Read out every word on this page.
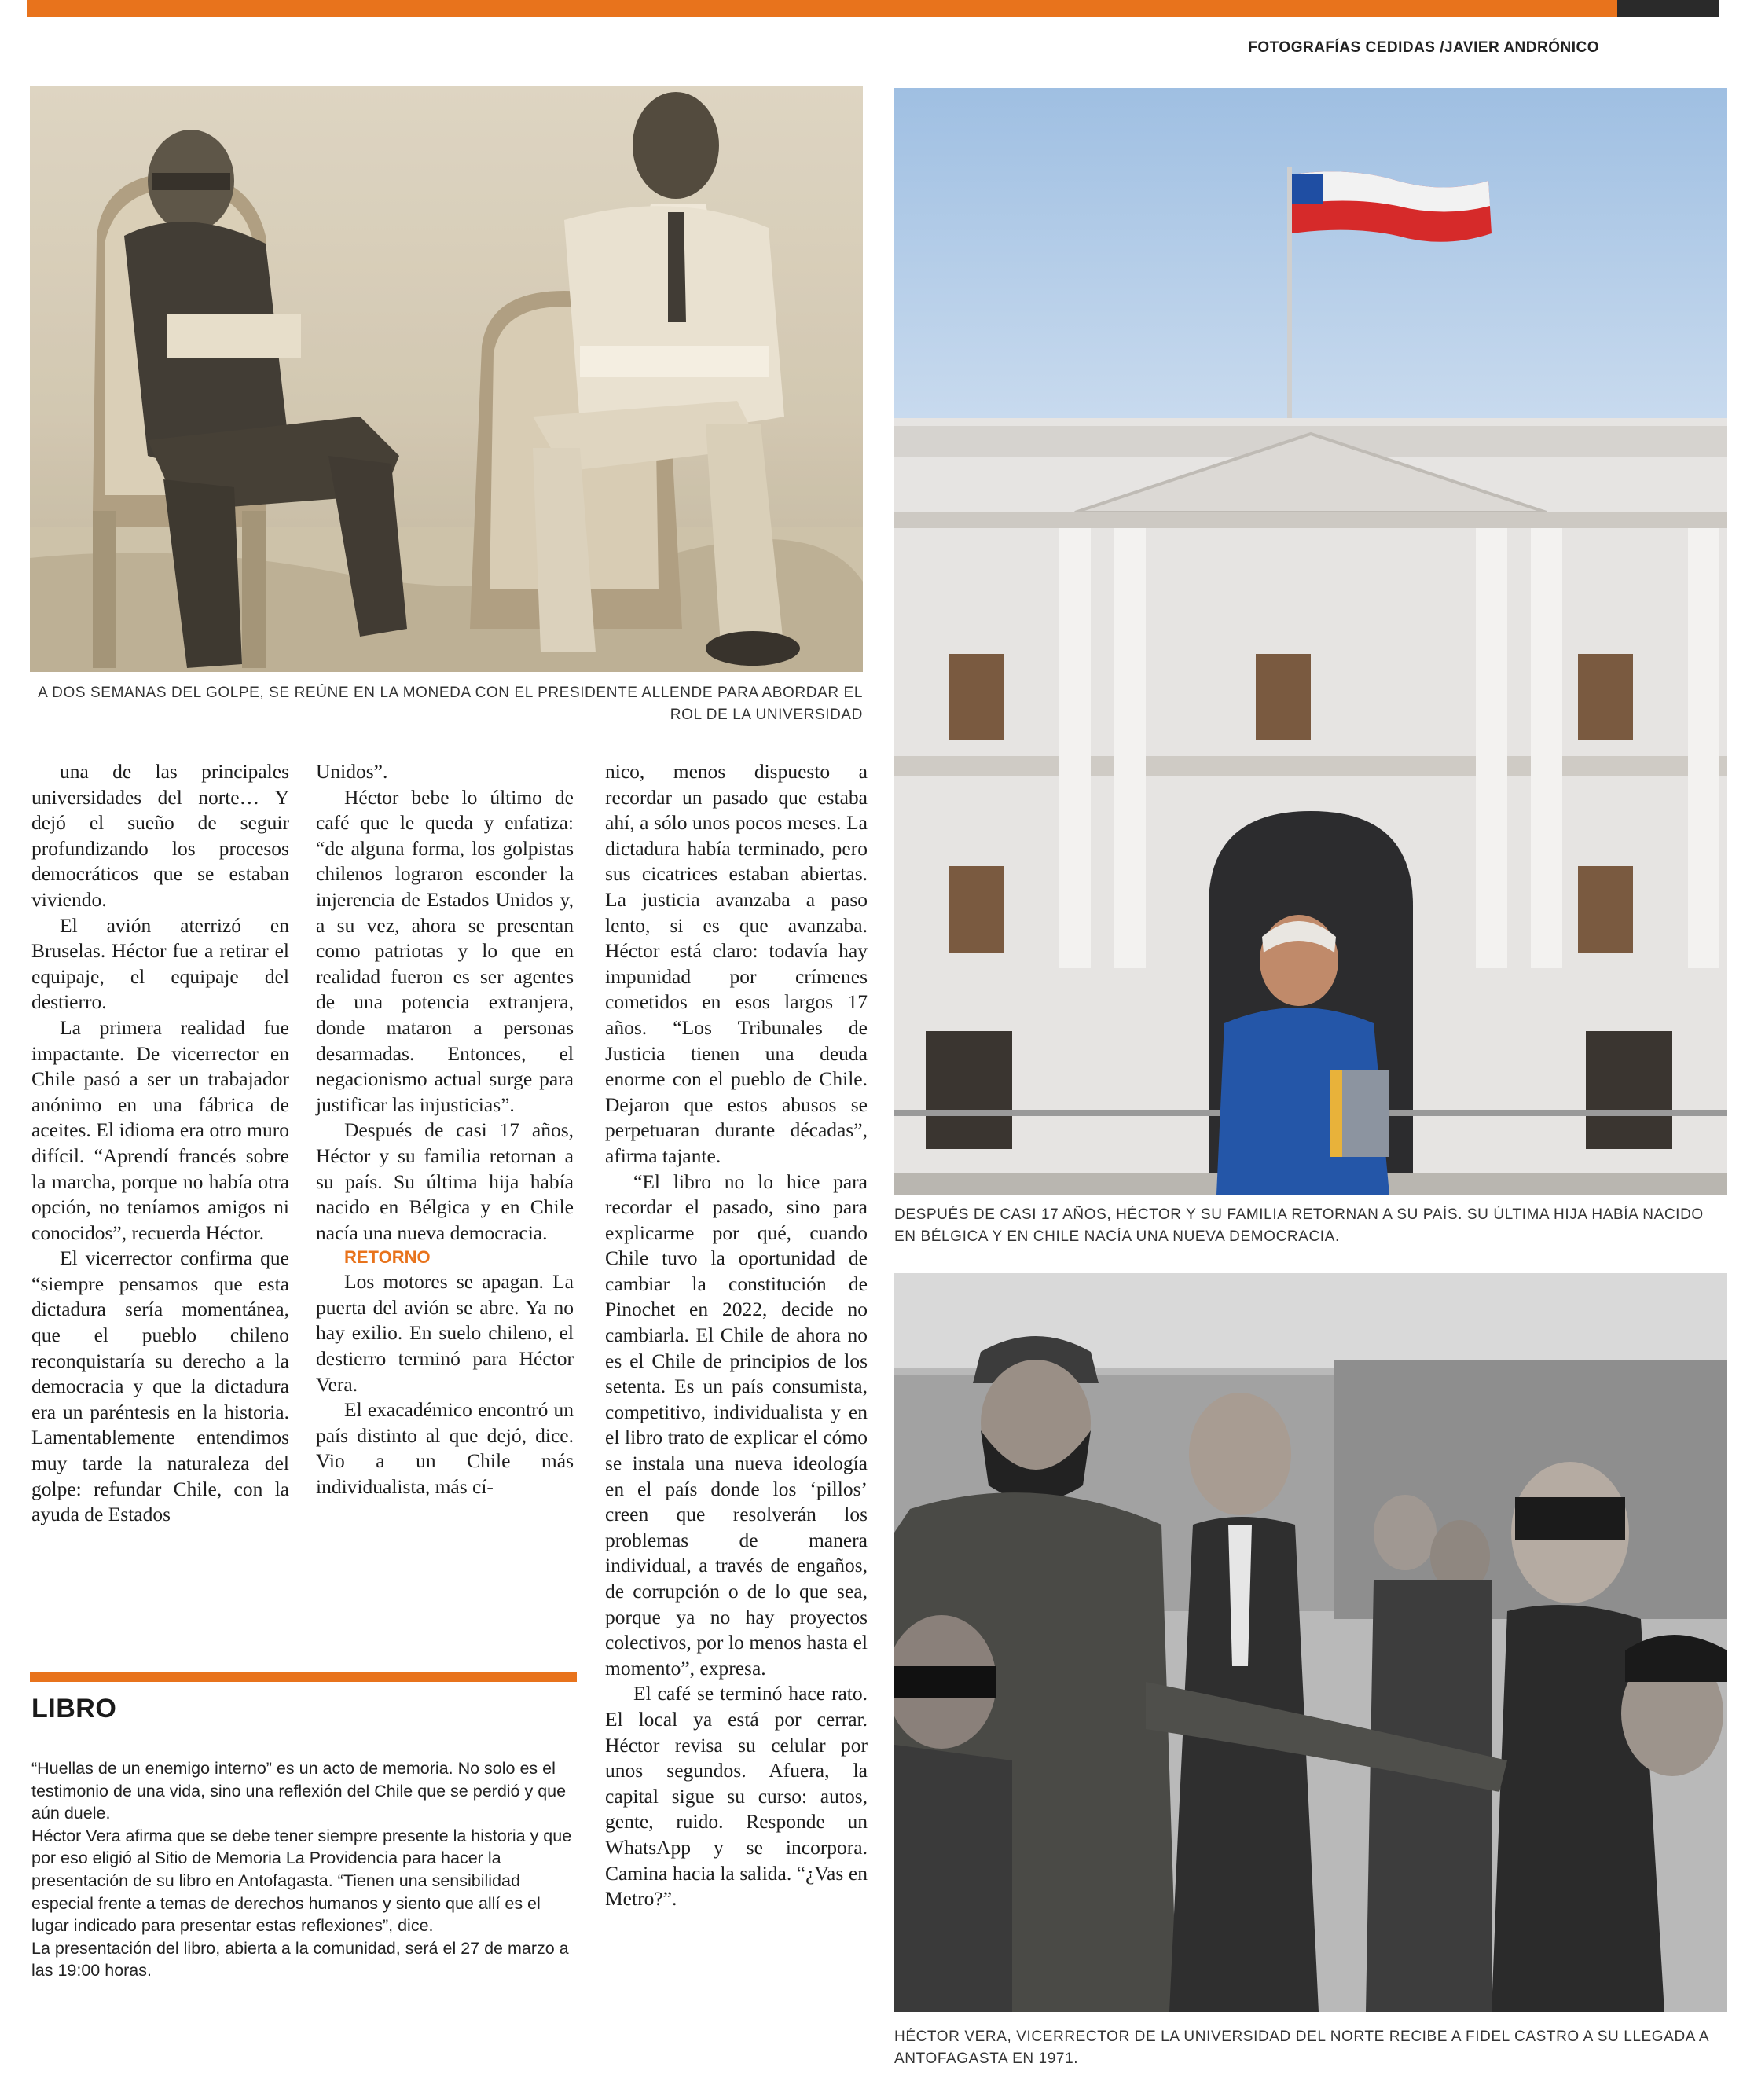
FOTOGRAFÍAS CEDIDAS /JAVIER ANDRÓNICO
A DOS SEMANAS DEL GOLPE, SE REÚNE EN LA MONEDA CON EL PRESIDENTE ALLENDE PARA ABORDAR EL ROL DE LA UNIVERSIDAD
DESPUÉS DE CASI 17 AÑOS, HÉCTOR Y SU FAMILIA RETORNAN A SU PAÍS. SU ÚLTIMA HIJA HABÍA NACIDO EN BÉLGICA Y EN CHILE NACÍA UNA NUEVA DEMOCRACIA.
HÉCTOR VERA, VICERRECTOR DE LA UNIVERSIDAD DEL NORTE RECIBE A FIDEL CASTRO A SU LLEGADA A ANTOFAGASTA EN 1971.

una de las principales universidades del norte… Y dejó el sueño de seguir profundizando los procesos democráticos que se estaban viviendo.

El avión aterrizó en Bruselas. Héctor fue a retirar el equipaje, el equipaje del destierro.

La primera realidad fue impactante. De vicerrector en Chile pasó a ser un trabajador anónimo en una fábrica de aceites. El idioma era otro muro difícil. “Aprendí francés sobre la marcha, porque no había otra opción, no teníamos amigos ni conocidos”, recuerda Héctor.

El vicerrector confirma que “siempre pensamos que esta dictadura sería momentánea, que el pueblo chileno reconquistaría su derecho a la democracia y que la dictadura era un paréntesis en la historia. Lamentablemente entendimos muy tarde la naturaleza del golpe: refundar Chile, con la ayuda de Estados

Unidos”.

Héctor bebe lo último de café que le queda y enfatiza: “de alguna forma, los golpistas chilenos lograron esconder la injerencia de Estados Unidos y, a su vez, ahora se presentan como patriotas y lo que en realidad fueron es ser agentes de una potencia extranjera, donde mataron a personas desarmadas. Entonces, el negacionismo actual surge para justificar las injusticias”.

Después de casi 17 años, Héctor y su familia retornan a su país. Su última hija había nacido en Bélgica y en Chile nacía una nueva democracia.

RETORNO

Los motores se apagan. La puerta del avión se abre. Ya no hay exilio. En suelo chileno, el destierro terminó para Héctor Vera.

El exacadémico encontró un país distinto al que dejó, dice. Vio a un Chile más individualista, más cí-

nico, menos dispuesto a recordar un pasado que estaba ahí, a sólo unos pocos meses. La dictadura había terminado, pero sus cicatrices estaban abiertas. La justicia avanzaba a paso lento, si es que avanzaba. Héctor está claro: todavía hay impunidad por crímenes cometidos en esos largos 17 años. “Los Tribunales de Justicia tienen una deuda enorme con el pueblo de Chile. Dejaron que estos abusos se perpetuaran durante décadas”, afirma tajante.

“El libro no lo hice para recordar el pasado, sino para explicarme por qué, cuando Chile tuvo la oportunidad de cambiar la constitución de Pinochet en 2022, decide no cambiarla. El Chile de ahora no es el Chile de principios de los setenta. Es un país consumista, competitivo, individualista y en el libro trato de explicar el cómo se instala una nueva ideología en el país donde los ‘pillos’ creen que resolverán los problemas de manera individual, a través de engaños, de corrupción o de lo que sea, porque ya no hay proyectos colectivos, por lo menos hasta el momento”, expresa.

El café se terminó hace rato. El local ya está por cerrar. Héctor revisa su celular por unos segundos. Afuera, la capital sigue su curso: autos, gente, ruido. Responde un WhatsApp y se incorpora. Camina hacia la salida. “¿Vas en Metro?”.

LIBRO

“Huellas de un enemigo interno” es un acto de memoria. No solo es el testimonio de una vida, sino una reflexión del Chile que se perdió y que aún duele.

Héctor Vera afirma que se debe tener siempre presente la historia y que por eso eligió al Sitio de Memoria La Providencia para hacer la presentación de su libro en Antofagasta. “Tienen una sensibilidad especial frente a temas de derechos humanos y siento que allí es el lugar indicado para presentar estas reflexiones”, dice.

La presentación del libro, abierta a la comunidad, será el 27 de marzo a las 19:00 horas.
